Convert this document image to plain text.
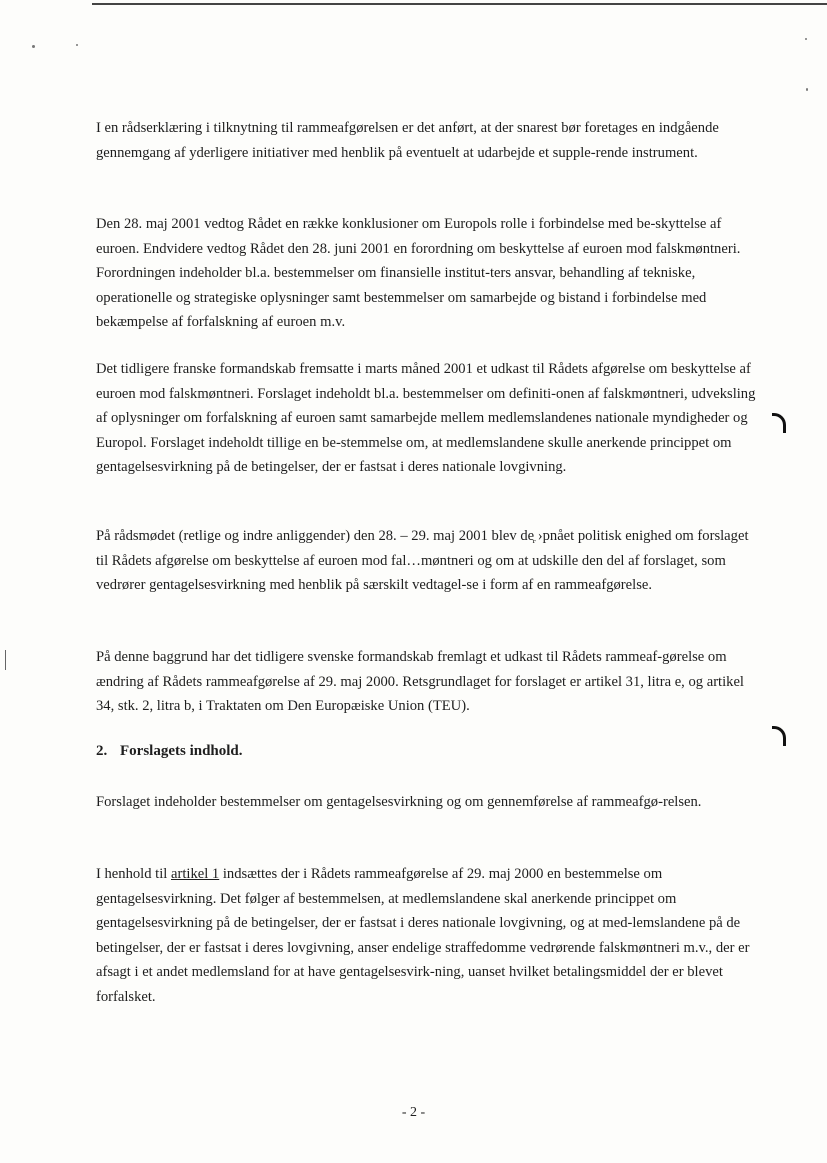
I en rådserklæring i tilknytning til rammeafgørelsen er det anført, at der snarest bør foretages en indgående gennemgang af yderligere initiativer med henblik på eventuelt at udarbejde et supple-rende instrument.

Den 28. maj 2001 vedtog Rådet en række konklusioner om Europols rolle i forbindelse med be-skyttelse af euroen. Endvidere vedtog Rådet den 28. juni 2001 en forordning om beskyttelse af euroen mod falskmøntneri. Forordningen indeholder bl.a. bestemmelser om finansielle institut-ters ansvar, behandling af tekniske, operationelle og strategiske oplysninger samt bestemmelser om samarbejde og bistand i forbindelse med bekæmpelse af forfalskning af euroen m.v.

Det tidligere franske formandskab fremsatte i marts måned 2001 et udkast til Rådets afgørelse om beskyttelse af euroen mod falskmøntneri. Forslaget indeholdt bl.a. bestemmelser om definiti-onen af falskmøntneri, udveksling af oplysninger om forfalskning af euroen samt samarbejde mellem medlemslandenes nationale myndigheder og Europol. Forslaget indeholdt tillige en be-stemmelse om, at medlemslandene skulle anerkende princippet om gentagelsesvirkning på de betingelser, der er fastsat i deres nationale lovgivning.

På rådsmødet (retlige og indre anliggender) den 28. – 29. maj 2001 blev de᷊ ›pnået politisk enighed om forslaget til Rådets afgørelse om beskyttelse af euroen mod fal…møntneri og om at udskille den del af forslaget, som vedrører gentagelsesvirkning med henblik på særskilt vedtagel-se i form af en rammeafgørelse.

På denne baggrund har det tidligere svenske formandskab fremlagt et udkast til Rådets rammeaf-gørelse om ændring af Rådets rammeafgørelse af 29. maj 2000. Retsgrundlaget for forslaget er artikel 31, litra e, og artikel 34, stk. 2, litra b, i Traktaten om Den Europæiske Union (TEU).

2. Forslagets indhold.

Forslaget indeholder bestemmelser om gentagelsesvirkning og om gennemførelse af rammeafgø-relsen.

I henhold til artikel 1 indsættes der i Rådets rammeafgørelse af 29. maj 2000 en bestemmelse om gentagelsesvirkning. Det følger af bestemmelsen, at medlemslandene skal anerkende princippet om gentagelsesvirkning på de betingelser, der er fastsat i deres nationale lovgivning, og at med-lemslandene på de betingelser, der er fastsat i deres lovgivning, anser endelige straffedomme vedrørende falskmøntneri m.v., der er afsagt i et andet medlemsland for at have gentagelsesvirk-ning, uanset hvilket betalingsmiddel der er blevet forfalsket.

- 2 -
